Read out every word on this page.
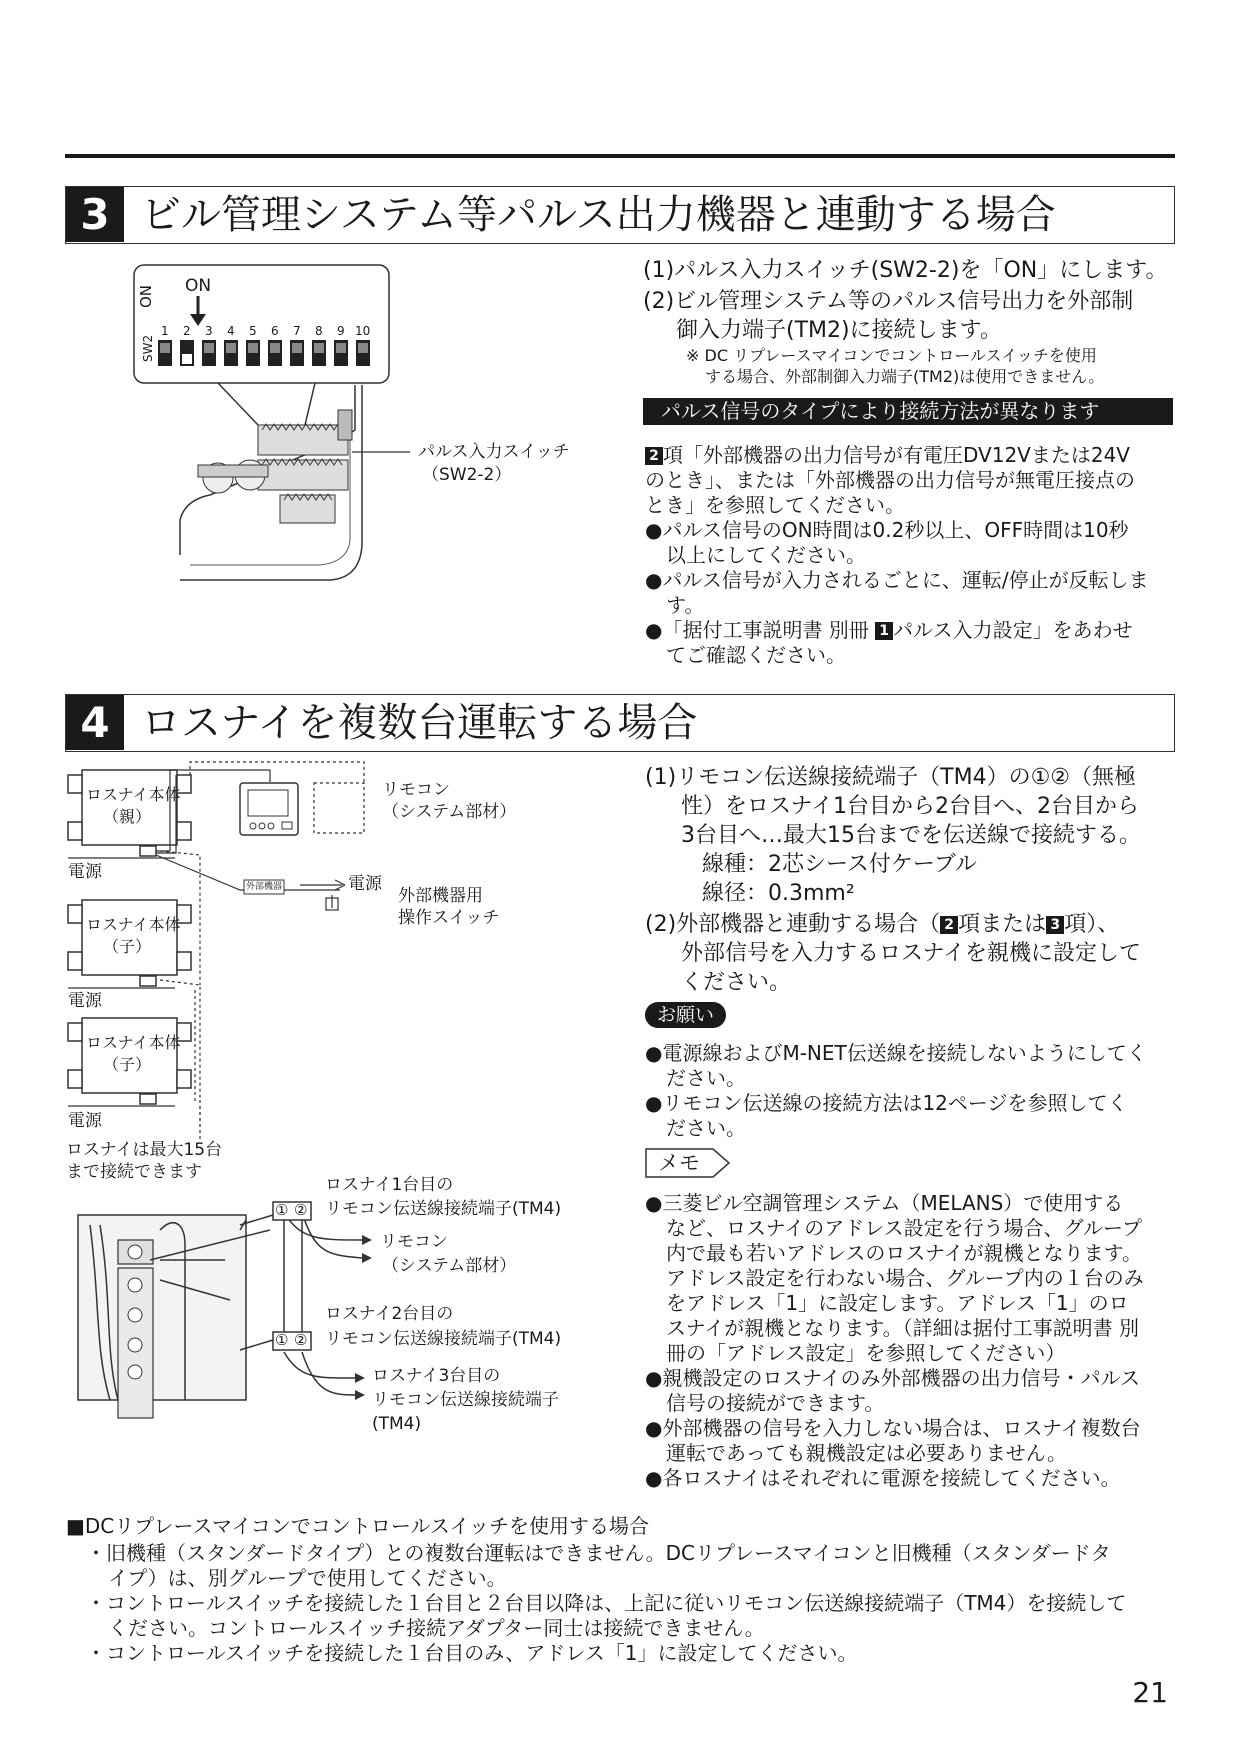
3 ビル管理システム等パルス出力機器と連動する場合
ON
ON
SW2
1 2 3 4 5 6 7 8 9 10
パルス入力スイッチ
（SW2-2）
(1)パルス入力スイッチ(SW2-2)を「ON」にします。
(2)ビル管理システム等のパルス信号出力を外部制
御入力端子(TM2)に接続します。
※ DC リプレースマイコンでコントロールスイッチを使用
する場合、外部制御入力端子(TM2)は使用できません。
パルス信号のタイプにより接続方法が異なります
2 項「外部機器の出力信号が有電圧DV12Vまたは24V
のとき」、または「外部機器の出力信号が無電圧接点の
とき」を参照してください。
●パルス信号のON時間は0.2秒以上、OFF時間は10秒
以上にしてください。
●パルス信号が入力されるごとに、運転/停止が反転しま
す。
●「据付工事説明書 別冊 1 パルス入力設定」をあわせ
てご確認ください。
4 ロスナイを複数台運転する場合
ロスナイ本体
（親）
ロスナイ本体
（子）
ロスナイ本体
（子）
電源
電源
電源
リモコン
（システム部材）
外部機器	電源
外部機器用
操作スイッチ
ロスナイは最大15台
まで接続できます
① ②
① ②
ロスナイ1台目の
リモコン伝送線接続端子(TM4)
リモコン
（システム部材）
ロスナイ2台目の
リモコン伝送線接続端子(TM4)
ロスナイ3台目の
リモコン伝送線接続端子
(TM4)
(1)リモコン伝送線接続端子（TM4）の①②（無極
性）をロスナイ1台目から2台目へ、2台目から
3台目へ…最大15台までを伝送線で接続する。
線種：2芯シース付ケーブル
線径：0.3mm²
(2)外部機器と連動する場合（ 2 項または 3 項）、
外部信号を入力するロスナイを親機に設定して
ください。
お願い
●電源線およびM-NET伝送線を接続しないようにしてく
ださい。
●リモコン伝送線の接続方法は12ページを参照してく
ださい。
メモ
●三菱ビル空調管理システム（MELANS）で使用する
など、ロスナイのアドレス設定を行う場合、グループ
内で最も若いアドレスのロスナイが親機となります。
アドレス設定を行わない場合、グループ内の１台のみ
をアドレス「1」に設定します。アドレス「1」のロ
スナイが親機となります。（詳細は据付工事説明書 別
冊の「アドレス設定」を参照してください）
●親機設定のロスナイのみ外部機器の出力信号・パルス
信号の接続ができます。
●外部機器の信号を入力しない場合は、ロスナイ複数台
運転であっても親機設定は必要ありません。
●各ロスナイはそれぞれに電源を接続してください。
■DCリプレースマイコンでコントロールスイッチを使用する場合
・旧機種（スタンダードタイプ）との複数台運転はできません。DCリプレースマイコンと旧機種（スタンダードタ
イプ）は、別グループで使用してください。
・コントロールスイッチを接続した１台目と２台目以降は、上記に従いリモコン伝送線接続端子（TM4）を接続して
ください。コントロールスイッチ接続アダプター同士は接続できません。
・コントロールスイッチを接続した１台目のみ、アドレス「1」に設定してください。
21
